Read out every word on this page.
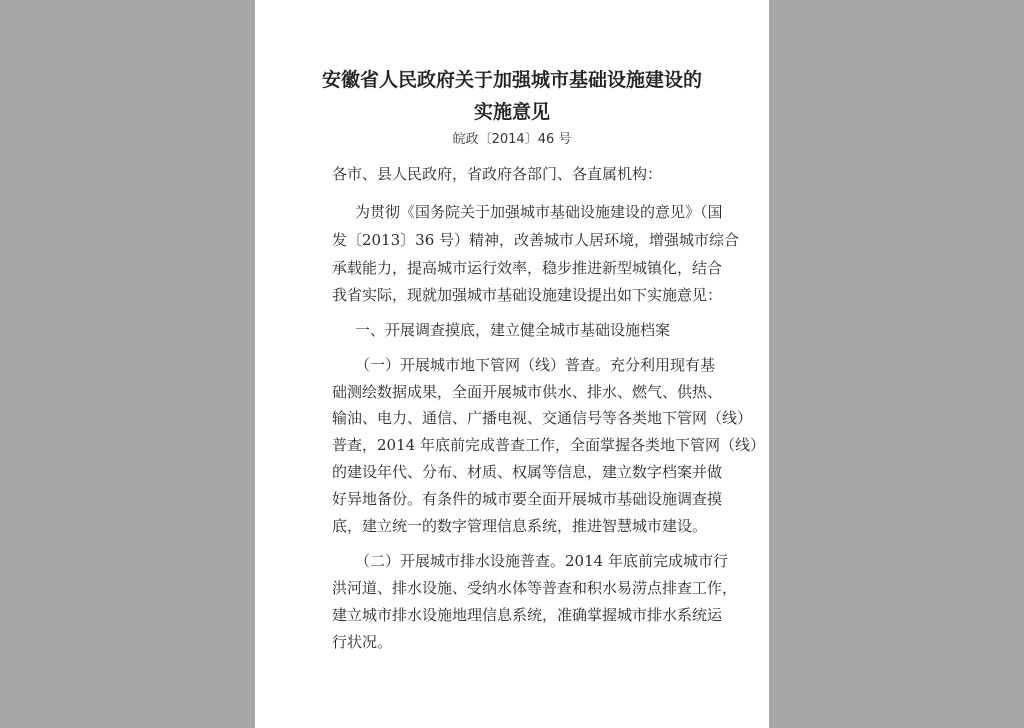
安徽省人民政府关于加强城市基础设施建设的
实施意见
皖政〔2014〕46 号
各市、县人民政府，省政府各部门、各直属机构：
为贯彻《国务院关于加强城市基础设施建设的意见》（国
发〔2013〕36 号）精神，改善城市人居环境，增强城市综合
承载能力，提高城市运行效率，稳步推进新型城镇化，结合
我省实际，现就加强城市基础设施建设提出如下实施意见：
一、开展调查摸底，建立健全城市基础设施档案
（一）开展城市地下管网（线）普查。充分利用现有基
础测绘数据成果，全面开展城市供水、排水、燃气、供热、
输油、电力、通信、广播电视、交通信号等各类地下管网（线）
普查，2014 年底前完成普查工作，全面掌握各类地下管网（线）
的建设年代、分布、材质、权属等信息，建立数字档案并做
好异地备份。有条件的城市要全面开展城市基础设施调查摸
底，建立统一的数字管理信息系统，推进智慧城市建设。
（二）开展城市排水设施普查。2014 年底前完成城市行
洪河道、排水设施、受纳水体等普查和积水易涝点排查工作，
建立城市排水设施地理信息系统，准确掌握城市排水系统运
行状况。
